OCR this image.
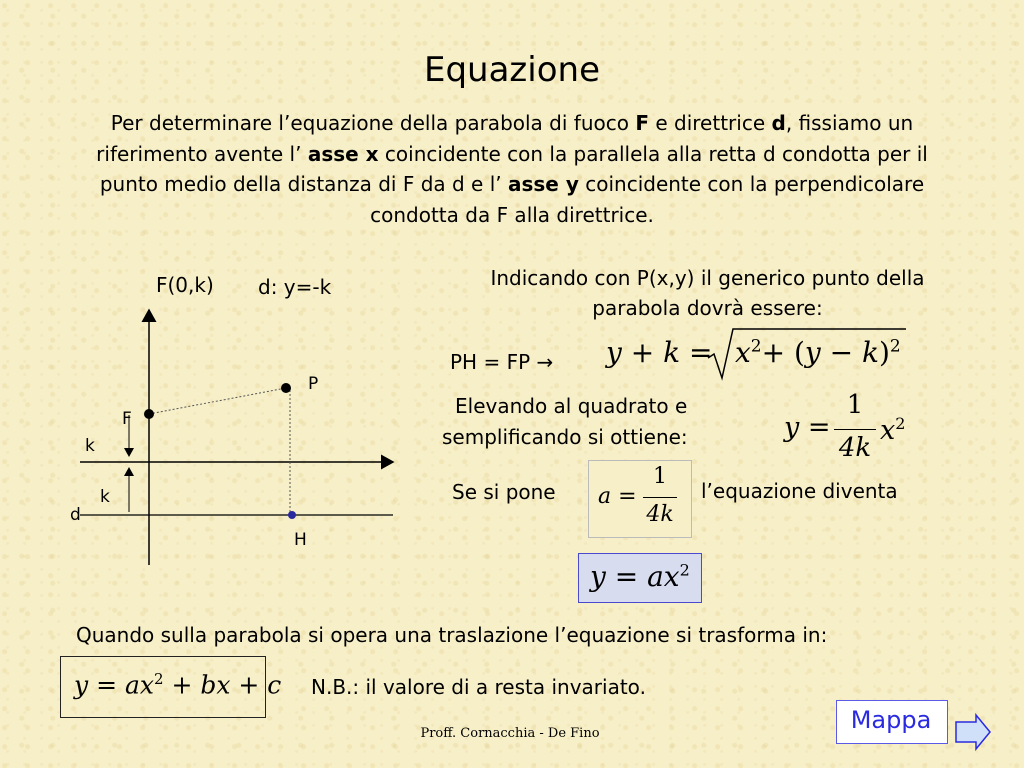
Equazione
Per determinare l’equazione della parabola di fuoco F e direttrice d, fissiamo un riferimento avente l’ asse x coincidente con la parallela alla retta d condotta per il punto medio della distanza di F da d e l’ asse y coincidente con la perpendicolare condotta da F alla direttrice.
F(0,k) d: y=-k
P
F
k
k
d
H
Indicando con P(x,y) il generico punto della parabola dovrà essere:
PH = FP → $y + k = x^2+ (y - k)^2$
Elevando al quadrato e
semplificando si ottiene:	y =
1
4k
$x^2$
Se si pone a =
1
4k
l’equazione diventa
$y = ax^2$
Quando sulla parabola si opera una traslazione l’equazione si trasforma in:
$y = ax^2$ + bx + c N.B.: il valore di a resta invariato.
Mappa
Proff. Cornacchia - De Fino
